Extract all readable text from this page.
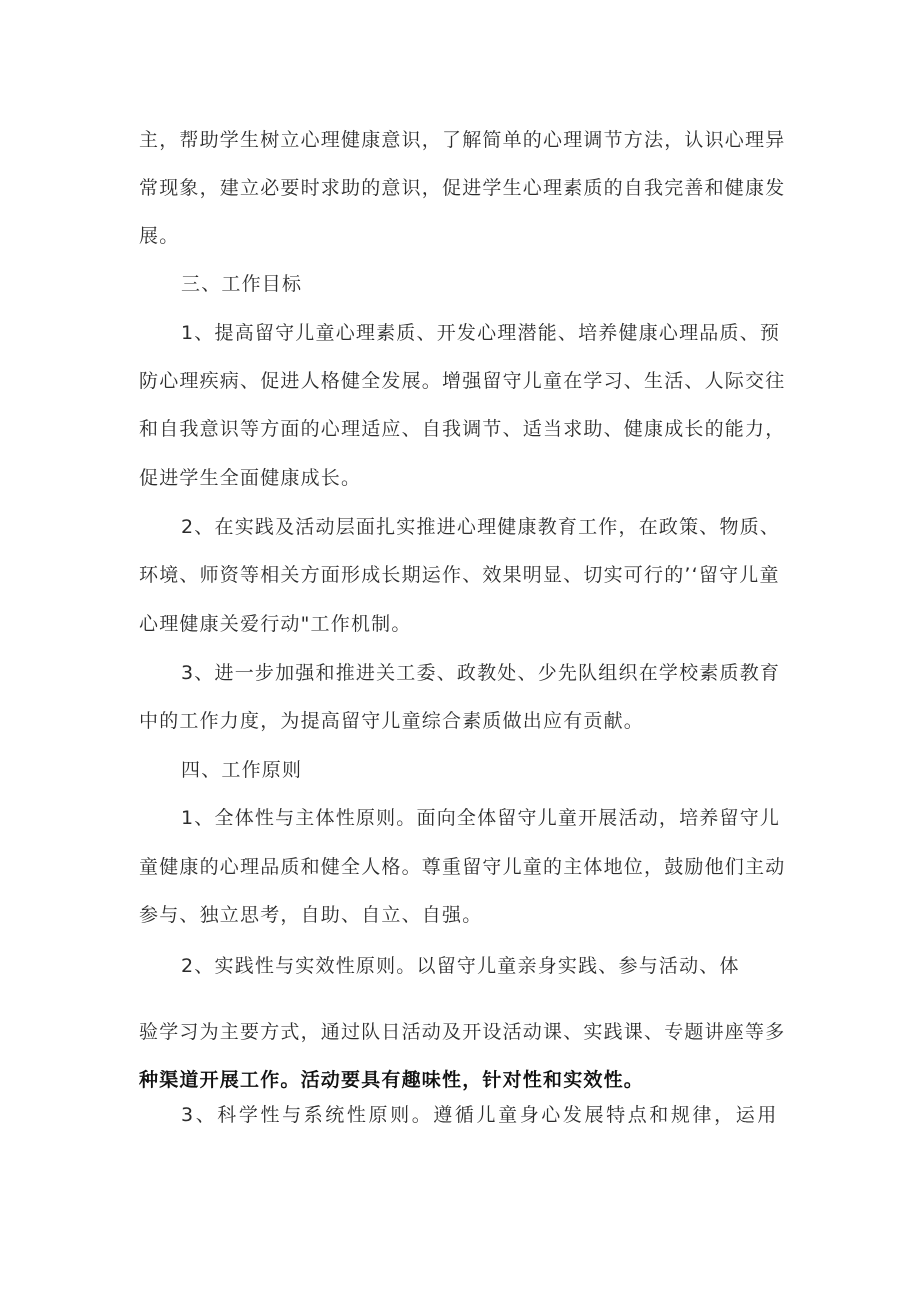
主，帮助学生树立心理健康意识，了解简单的心理调节方法，认识心理异
常现象，建立必要时求助的意识，促进学生心理素质的自我完善和健康发
展。
三、工作目标
1、提高留守儿童心理素质、开发心理潜能、培养健康心理品质、预
防心理疾病、促进人格健全发展。增强留守儿童在学习、生活、人际交往
和自我意识等方面的心理适应、自我调节、适当求助、健康成长的能力，
促进学生全面健康成长。
2、在实践及活动层面扎实推进心理健康教育工作，在政策、物质、
环境、师资等相关方面形成长期运作、效果明显、切实可行的’‘留守儿童
心理健康关爱行动"工作机制。
3、进一步加强和推进关工委、政教处、少先队组织在学校素质教育
中的工作力度，为提高留守儿童综合素质做出应有贡献。
四、工作原则
1、全体性与主体性原则。面向全体留守儿童开展活动，培养留守儿
童健康的心理品质和健全人格。尊重留守儿童的主体地位，鼓励他们主动
参与、独立思考，自助、自立、自强。
2、实践性与实效性原则。以留守儿童亲身实践、参与活动、体
验学习为主要方式，通过队日活动及开设活动课、实践课、专题讲座等多
种渠道开展工作。活动要具有趣味性，针对性和实效性。
3、科学性与系统性原则。遵循儿童身心发展特点和规律，运用
